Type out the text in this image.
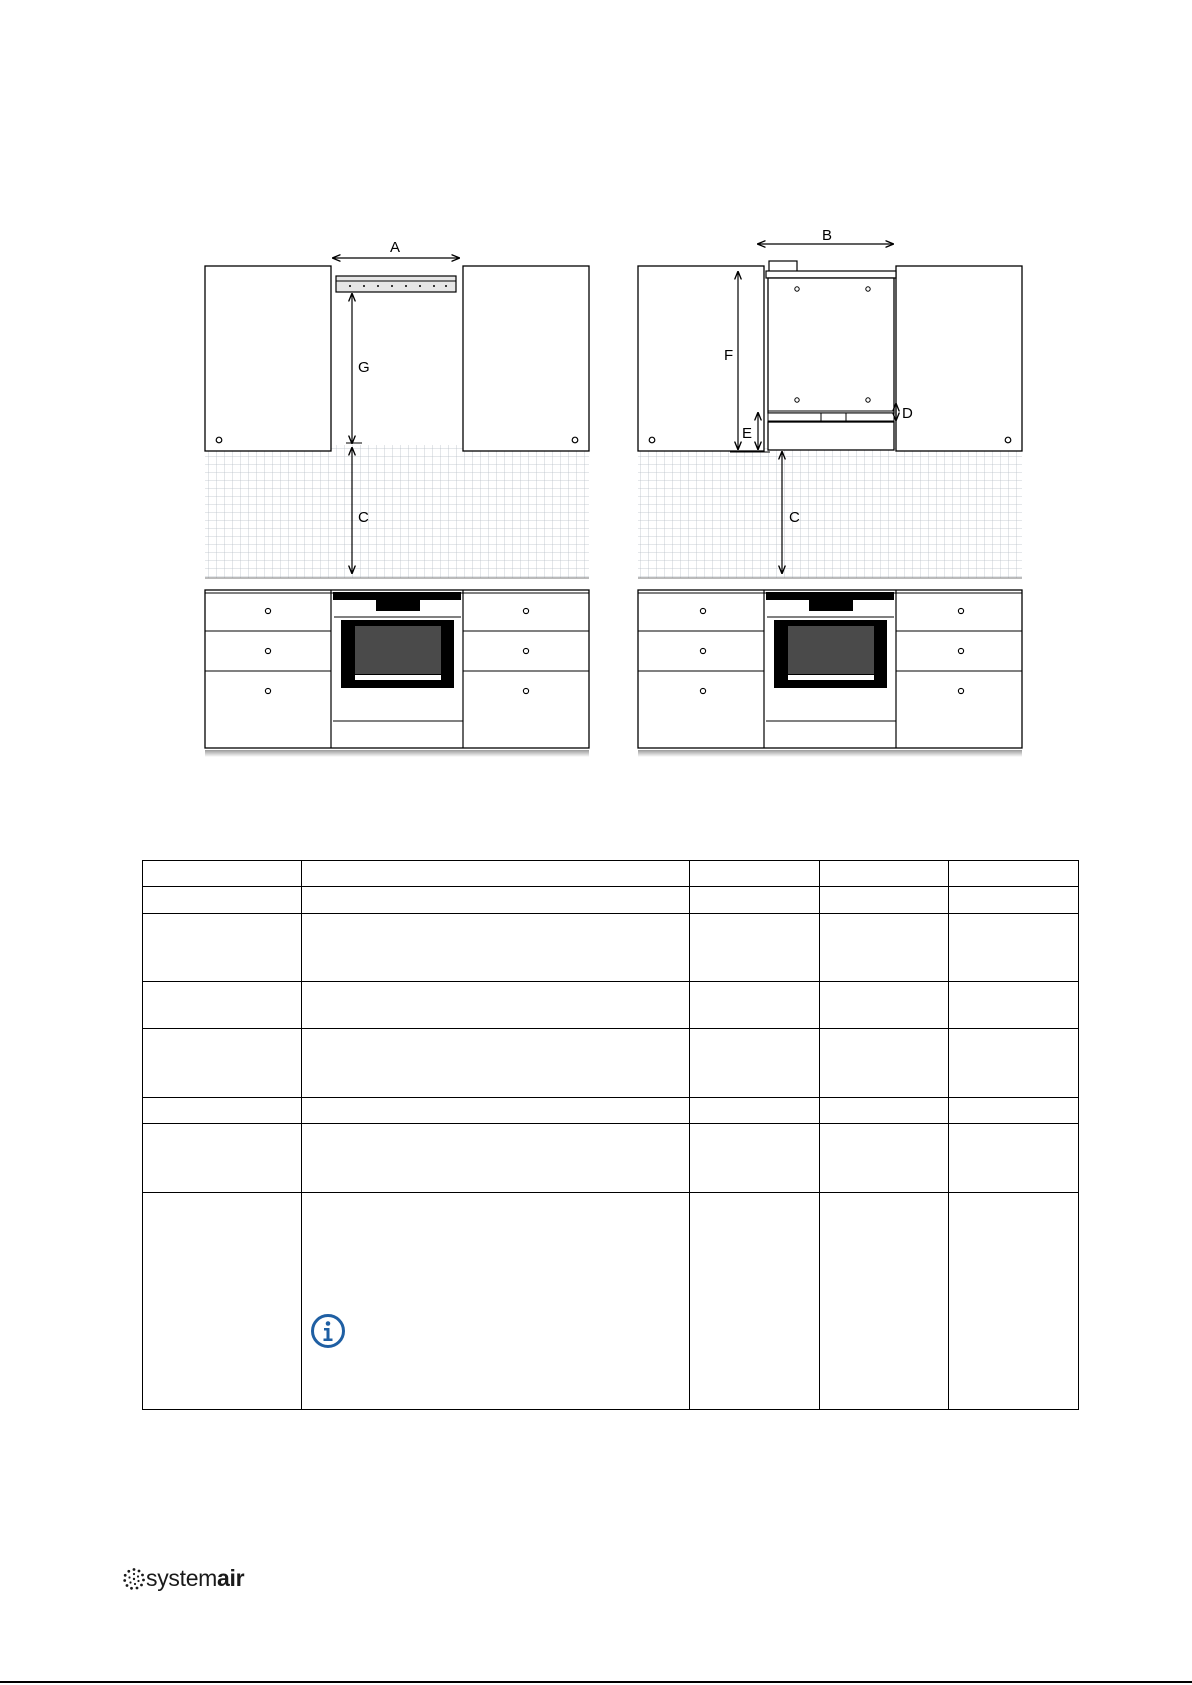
A
G
C
B
F
E
D
C

systemair
